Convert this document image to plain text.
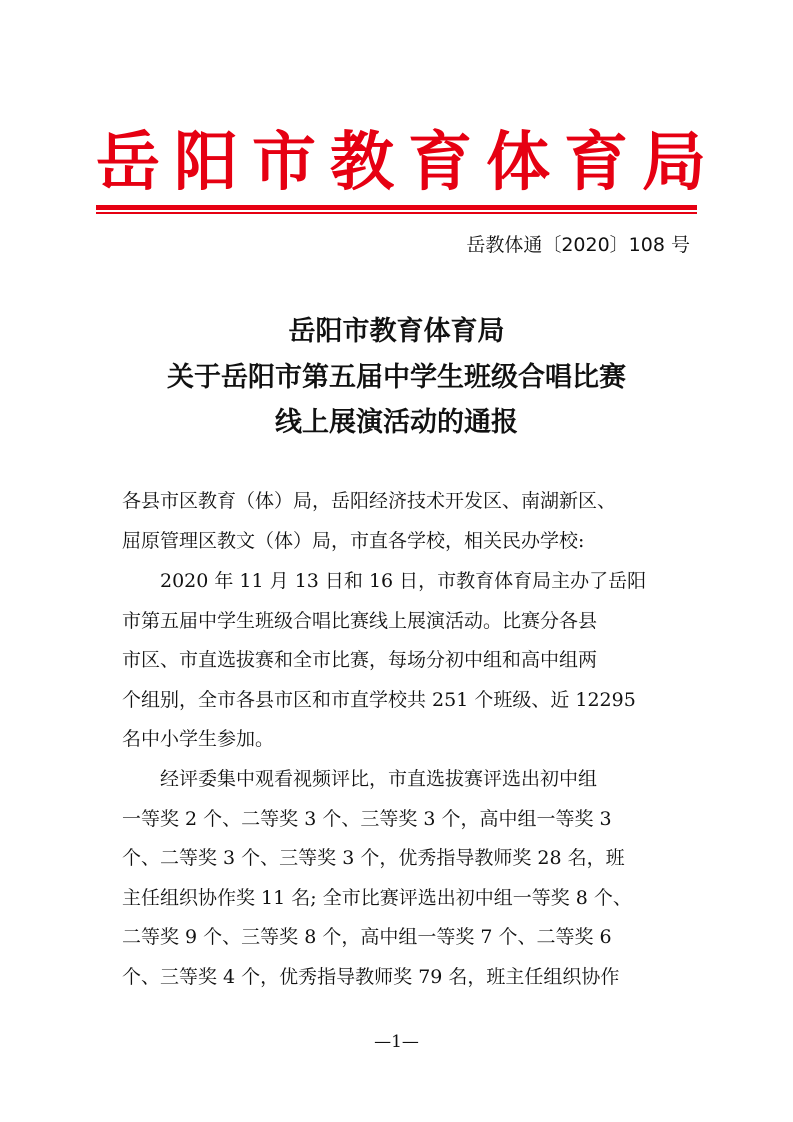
岳阳市教育体育局
岳教体通〔2020〕108 号
岳阳市教育体育局
关于岳阳市第五届中学生班级合唱比赛
线上展演活动的通报
各县市区教育（体）局，岳阳经济技术开发区、南湖新区、
屈原管理区教文（体）局，市直各学校，相关民办学校:
　　2020 年 11 月 13 日和 16 日，市教育体育局主办了岳阳
市第五届中学生班级合唱比赛线上展演活动。比赛分各县
市区、市直选拔赛和全市比赛，每场分初中组和高中组两
个组别，全市各县市区和市直学校共 251 个班级、近 12295
名中小学生参加。
　　经评委集中观看视频评比，市直选拔赛评选出初中组
一等奖 2 个、二等奖 3 个、三等奖 3 个，高中组一等奖 3
个、二等奖 3 个、三等奖 3 个，优秀指导教师奖 28 名，班
主任组织协作奖 11 名; 全市比赛评选出初中组一等奖 8 个、
二等奖 9 个、三等奖 8 个，高中组一等奖 7 个、二等奖 6
个、三等奖 4 个，优秀指导教师奖 79 名，班主任组织协作
—1—
